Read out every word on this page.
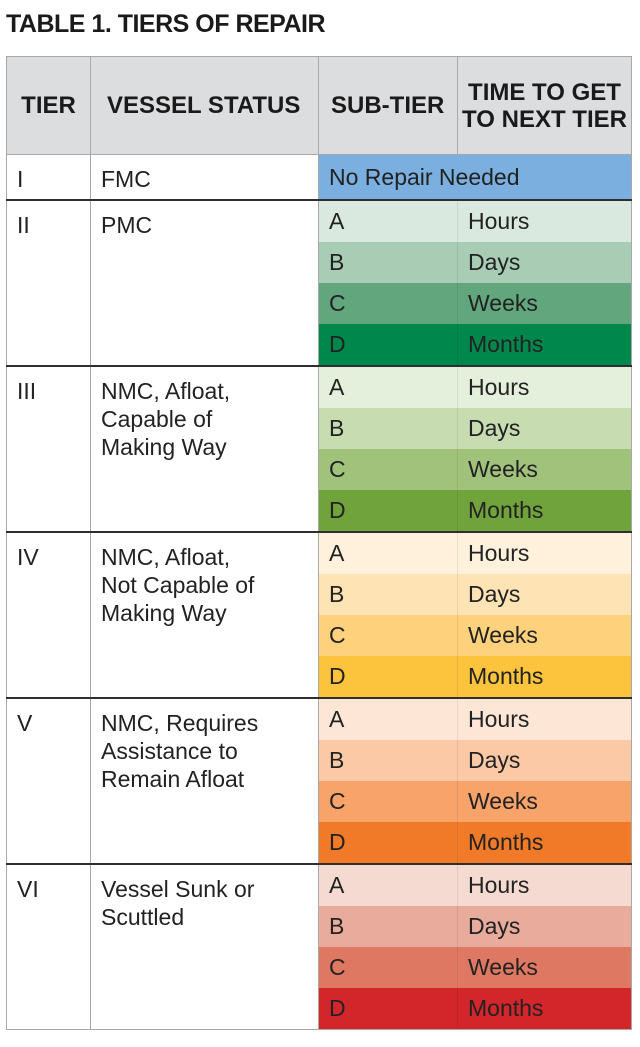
TABLE 1. TIERS OF REPAIR
TIER	VESSEL STATUS	SUB-TIER	TIME TO GET TO NEXT TIER
I	FMC	No Repair Needed	
II	PMC	A	Hours
		B	Days
		C	Weeks
		D	Months
III	NMC, Afloat,
Capable of
Making Way	A	Hours
		B	Days
		C	Weeks
		D	Months
IV	NMC, Afloat,
Not Capable of
Making Way	A	Hours
		B	Days
		C	Weeks
		D	Months
V	NMC, Requires
Assistance to
Remain Afloat	A	Hours
		B	Days
		C	Weeks
		D	Months
VI	Vessel Sunk or
Scuttled	A	Hours
		B	Days
		C	Weeks
		D	Months
